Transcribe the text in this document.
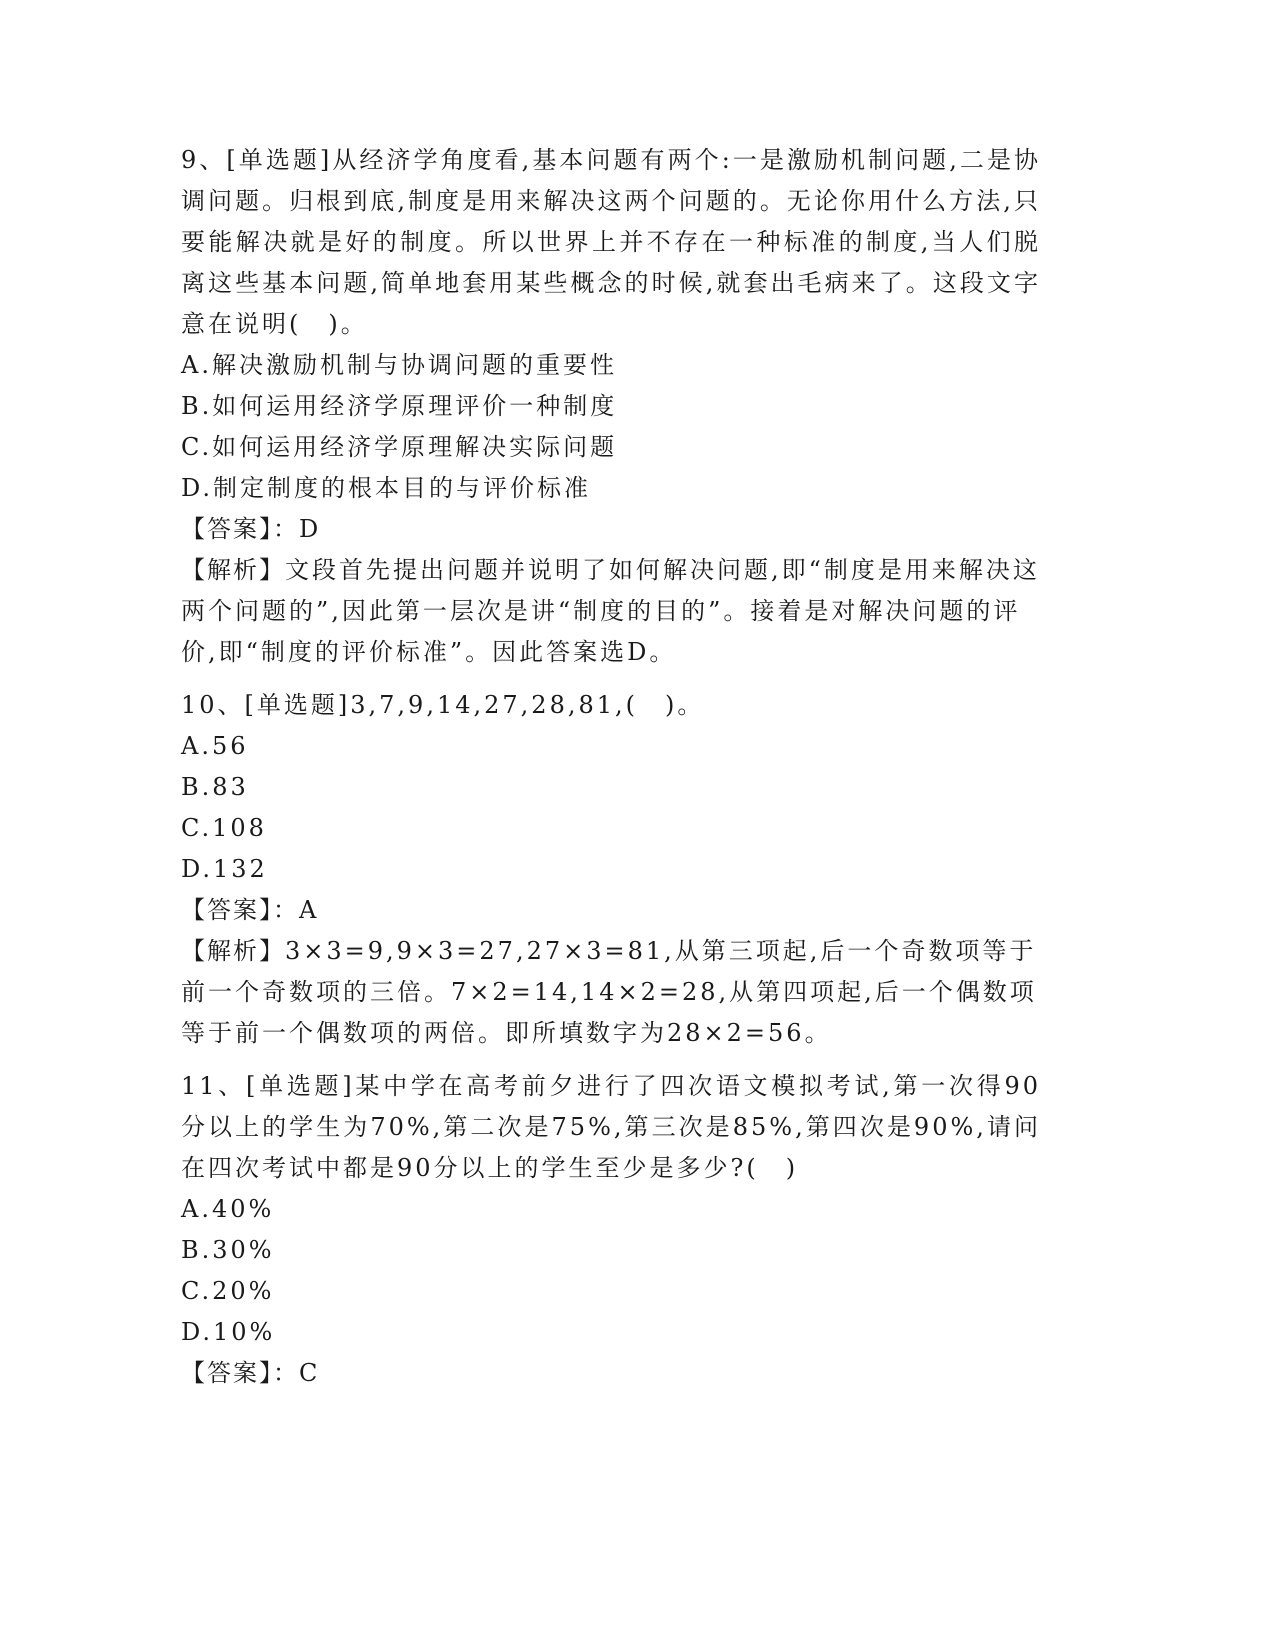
9、[单选题]从经济学角度看,基本问题有两个:一是激励机制问题,二是协调问题。归根到底,制度是用来解决这两个问题的。无论你用什么方法,只要能解决就是好的制度。所以世界上并不存在一种标准的制度,当人们脱离这些基本问题,简单地套用某些概念的时候,就套出毛病来了。这段文字意在说明(　)。

A.解决激励机制与协调问题的重要性
B.如何运用经济学原理评价一种制度
C.如何运用经济学原理解决实际问题
D.制定制度的根本目的与评价标准
【答案】：D
【解析】文段首先提出问题并说明了如何解决问题,即“制度是用来解决这两个问题的”,因此第一层次是讲“制度的目的”。接着是对解决问题的评价,即“制度的评价标准”。因此答案选D。

10、[单选题]3,7,9,14,27,28,81,(　)。

A.56
B.83
C.108
D.132
【答案】：A
【解析】3×3=9,9×3=27,27×3=81,从第三项起,后一个奇数项等于前一个奇数项的三倍。7×2=14,14×2=28,从第四项起,后一个偶数项等于前一个偶数项的两倍。即所填数字为28×2=56。

11、[单选题]某中学在高考前夕进行了四次语文模拟考试,第一次得90分以上的学生为70%,第二次是75%,第三次是85%,第四次是90%,请问在四次考试中都是90分以上的学生至少是多少?(　)

A.40%
B.30%
C.20%
D.10%
【答案】：C
